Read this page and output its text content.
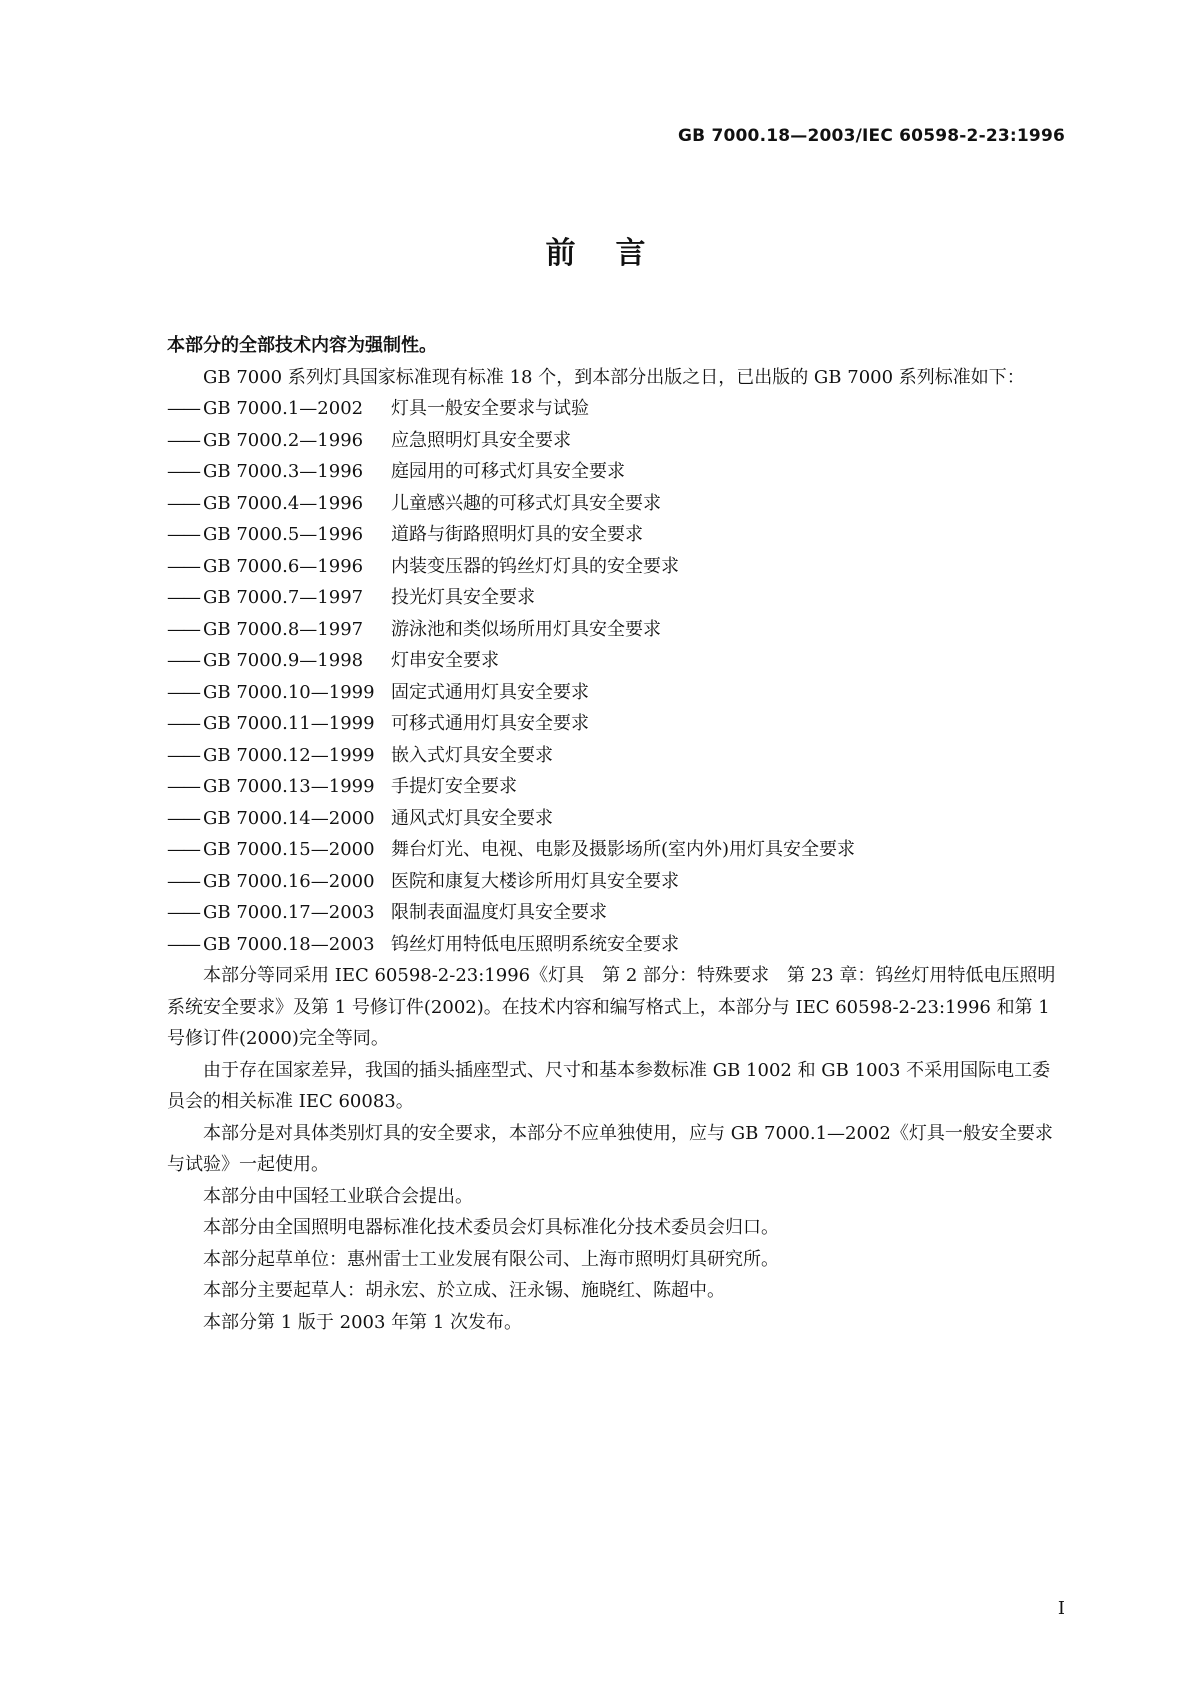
GB 7000.18—2003/IEC 60598-2-23:1996
前言

本部分的全部技术内容为强制性。

GB 7000 系列灯具国家标准现有标准 18 个，到本部分出版之日，已出版的 GB 7000 系列标准如下：

—— GB 7000.1—2002 灯具一般安全要求与试验
—— GB 7000.2—1996 应急照明灯具安全要求
—— GB 7000.3—1996 庭园用的可移式灯具安全要求
—— GB 7000.4—1996 儿童感兴趣的可移式灯具安全要求
—— GB 7000.5—1996 道路与街路照明灯具的安全要求
—— GB 7000.6—1996 内装变压器的钨丝灯灯具的安全要求
—— GB 7000.7—1997 投光灯具安全要求
—— GB 7000.8—1997 游泳池和类似场所用灯具安全要求
—— GB 7000.9—1998 灯串安全要求
—— GB 7000.10—1999 固定式通用灯具安全要求
—— GB 7000.11—1999 可移式通用灯具安全要求
—— GB 7000.12—1999 嵌入式灯具安全要求
—— GB 7000.13—1999 手提灯安全要求
—— GB 7000.14—2000 通风式灯具安全要求
—— GB 7000.15—2000 舞台灯光、电视、电影及摄影场所(室内外)用灯具安全要求
—— GB 7000.16—2000 医院和康复大楼诊所用灯具安全要求
—— GB 7000.17—2003 限制表面温度灯具安全要求
—— GB 7000.18—2003 钨丝灯用特低电压照明系统安全要求

本部分等同采用 IEC 60598-2-23:1996《灯具　第 2 部分：特殊要求　第 23 章：钨丝灯用特低电压照明系统安全要求》及第 1 号修订件(2002)。在技术内容和编写格式上，本部分与 IEC 60598-2-23:1996 和第 1 号修订件(2000)完全等同。

由于存在国家差异，我国的插头插座型式、尺寸和基本参数标准 GB 1002 和 GB 1003 不采用国际电工委员会的相关标准 IEC 60083。

本部分是对具体类别灯具的安全要求，本部分不应单独使用，应与 GB 7000.1—2002《灯具一般安全要求与试验》一起使用。

本部分由中国轻工业联合会提出。

本部分由全国照明电器标准化技术委员会灯具标准化分技术委员会归口。

本部分起草单位：惠州雷士工业发展有限公司、上海市照明灯具研究所。

本部分主要起草人：胡永宏、於立成、汪永锡、施晓红、陈超中。

本部分第 1 版于 2003 年第 1 次发布。

I
